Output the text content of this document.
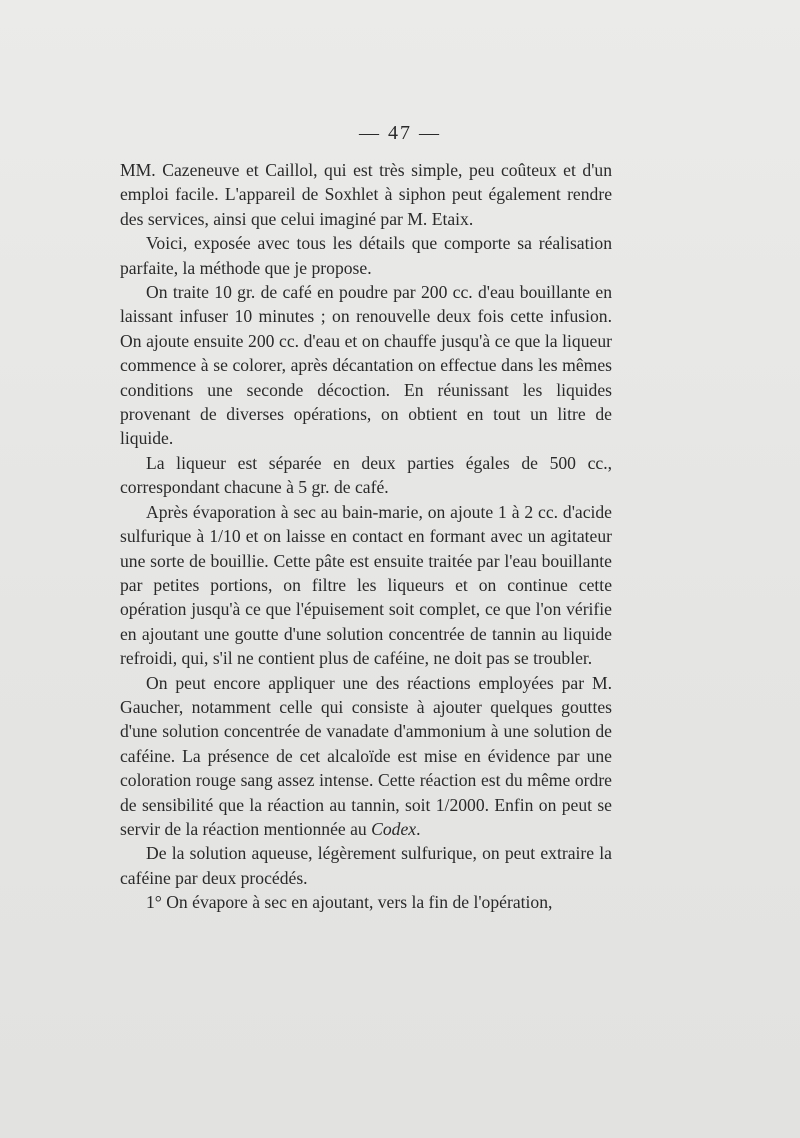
— 47 —

MM. Cazeneuve et Caillol, qui est très simple, peu coûteux et d'un emploi facile. L'appareil de Soxhlet à siphon peut également rendre des services, ainsi que celui imaginé par M. Etaix.

Voici, exposée avec tous les détails que comporte sa réalisation parfaite, la méthode que je propose.

On traite 10 gr. de café en poudre par 200 cc. d'eau bouillante en laissant infuser 10 minutes ; on renouvelle deux fois cette infusion. On ajoute ensuite 200 cc. d'eau et on chauffe jusqu'à ce que la liqueur commence à se colorer, après décantation on effectue dans les mêmes conditions une seconde décoction. En réunissant les liquides provenant de diverses opérations, on obtient en tout un litre de liquide.

La liqueur est séparée en deux parties égales de 500 cc., correspondant chacune à 5 gr. de café.

Après évaporation à sec au bain-marie, on ajoute 1 à 2 cc. d'acide sulfurique à 1/10 et on laisse en contact en formant avec un agitateur une sorte de bouillie. Cette pâte est ensuite traitée par l'eau bouillante par petites portions, on filtre les liqueurs et on continue cette opération jusqu'à ce que l'épuisement soit complet, ce que l'on vérifie en ajoutant une goutte d'une solution concentrée de tannin au liquide refroidi, qui, s'il ne contient plus de caféine, ne doit pas se troubler.

On peut encore appliquer une des réactions employées par M. Gaucher, notamment celle qui consiste à ajouter quelques gouttes d'une solution concentrée de vanadate d'ammonium à une solution de caféine. La présence de cet alcaloïde est mise en évidence par une coloration rouge sang assez intense. Cette réaction est du même ordre de sensibilité que la réaction au tannin, soit 1/2000. Enfin on peut se servir de la réaction mentionnée au Codex.

De la solution aqueuse, légèrement sulfurique, on peut extraire la caféine par deux procédés.

1° On évapore à sec en ajoutant, vers la fin de l'opération,
